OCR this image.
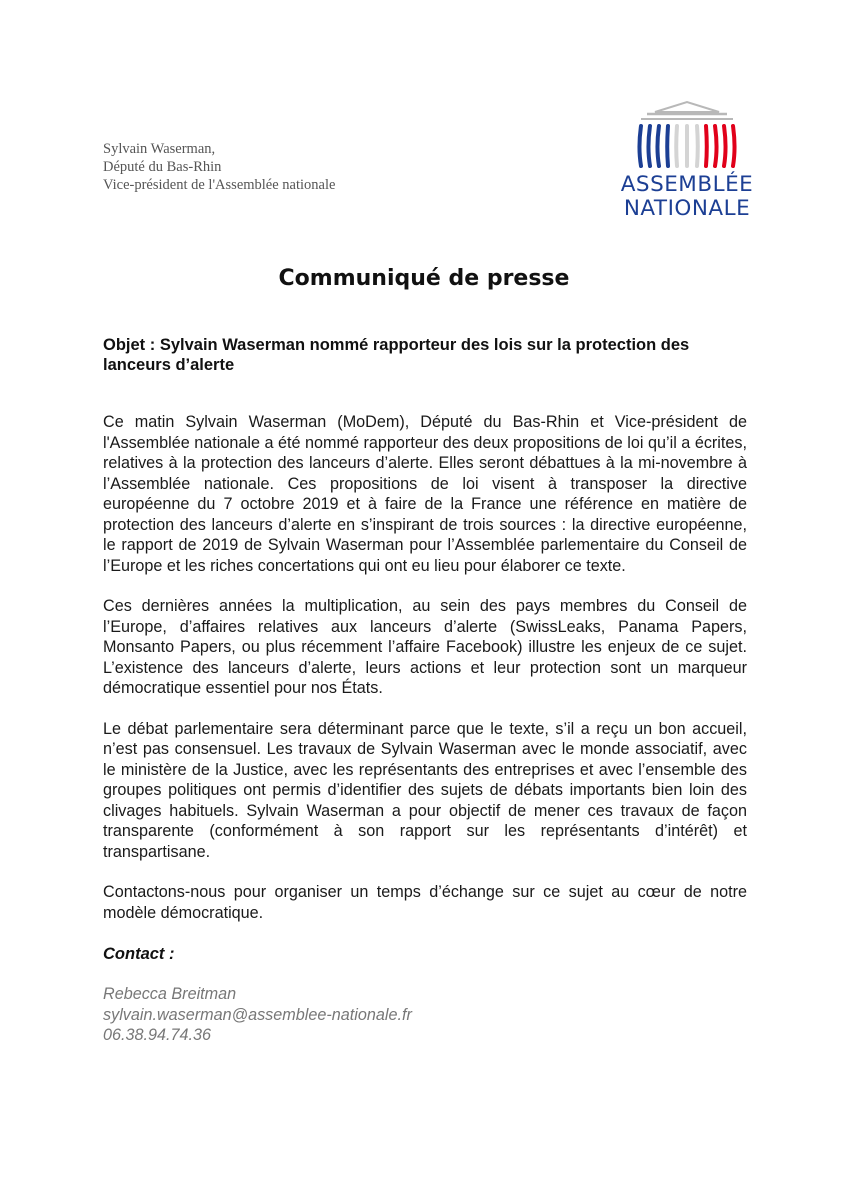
Sylvain Waserman,
Député du Bas-Rhin
Vice-président de l'Assemblée nationale	ASSEMBLÉE
NATIONALE
Communiqué de presse
Objet : Sylvain Waserman nommé rapporteur des lois sur la protection des lanceurs d’alerte

Ce matin Sylvain Waserman (MoDem), Député du Bas-Rhin et Vice-président de l'Assemblée nationale a été nommé rapporteur des deux propositions de loi qu’il a écrites, relatives à la protection des lanceurs d’alerte. Elles seront débattues à la mi-novembre à l’Assemblée nationale. Ces propositions de loi visent à transposer la directive européenne du 7 octobre 2019 et à faire de la France une référence en matière de protection des lanceurs d’alerte en s’inspirant de trois sources : la directive européenne, le rapport de 2019 de Sylvain Waserman pour l’Assemblée parlementaire du Conseil de l’Europe et les riches concertations qui ont eu lieu pour élaborer ce texte.

Ces dernières années la multiplication, au sein des pays membres du Conseil de l’Europe, d’affaires relatives aux lanceurs d’alerte (SwissLeaks, Panama Papers, Monsanto Papers, ou plus récemment l’affaire Facebook) illustre les enjeux de ce sujet. L’existence des lanceurs d’alerte, leurs actions et leur protection sont un marqueur démocratique essentiel pour nos États.

Le débat parlementaire sera déterminant parce que le texte, s’il a reçu un bon accueil, n’est pas consensuel. Les travaux de Sylvain Waserman avec le monde associatif, avec le ministère de la Justice, avec les représentants des entreprises et avec l’ensemble des groupes politiques ont permis d’identifier des sujets de débats importants bien loin des clivages habituels. Sylvain Waserman a pour objectif de mener ces travaux de façon transparente (conformément à son rapport sur les représentants d’intérêt) et transpartisane.

Contactons-nous pour organiser un temps d’échange sur ce sujet au cœur de notre modèle démocratique.

Contact :
Rebecca Breitman
sylvain.waserman@assemblee-nationale.fr
06.38.94.74.36
